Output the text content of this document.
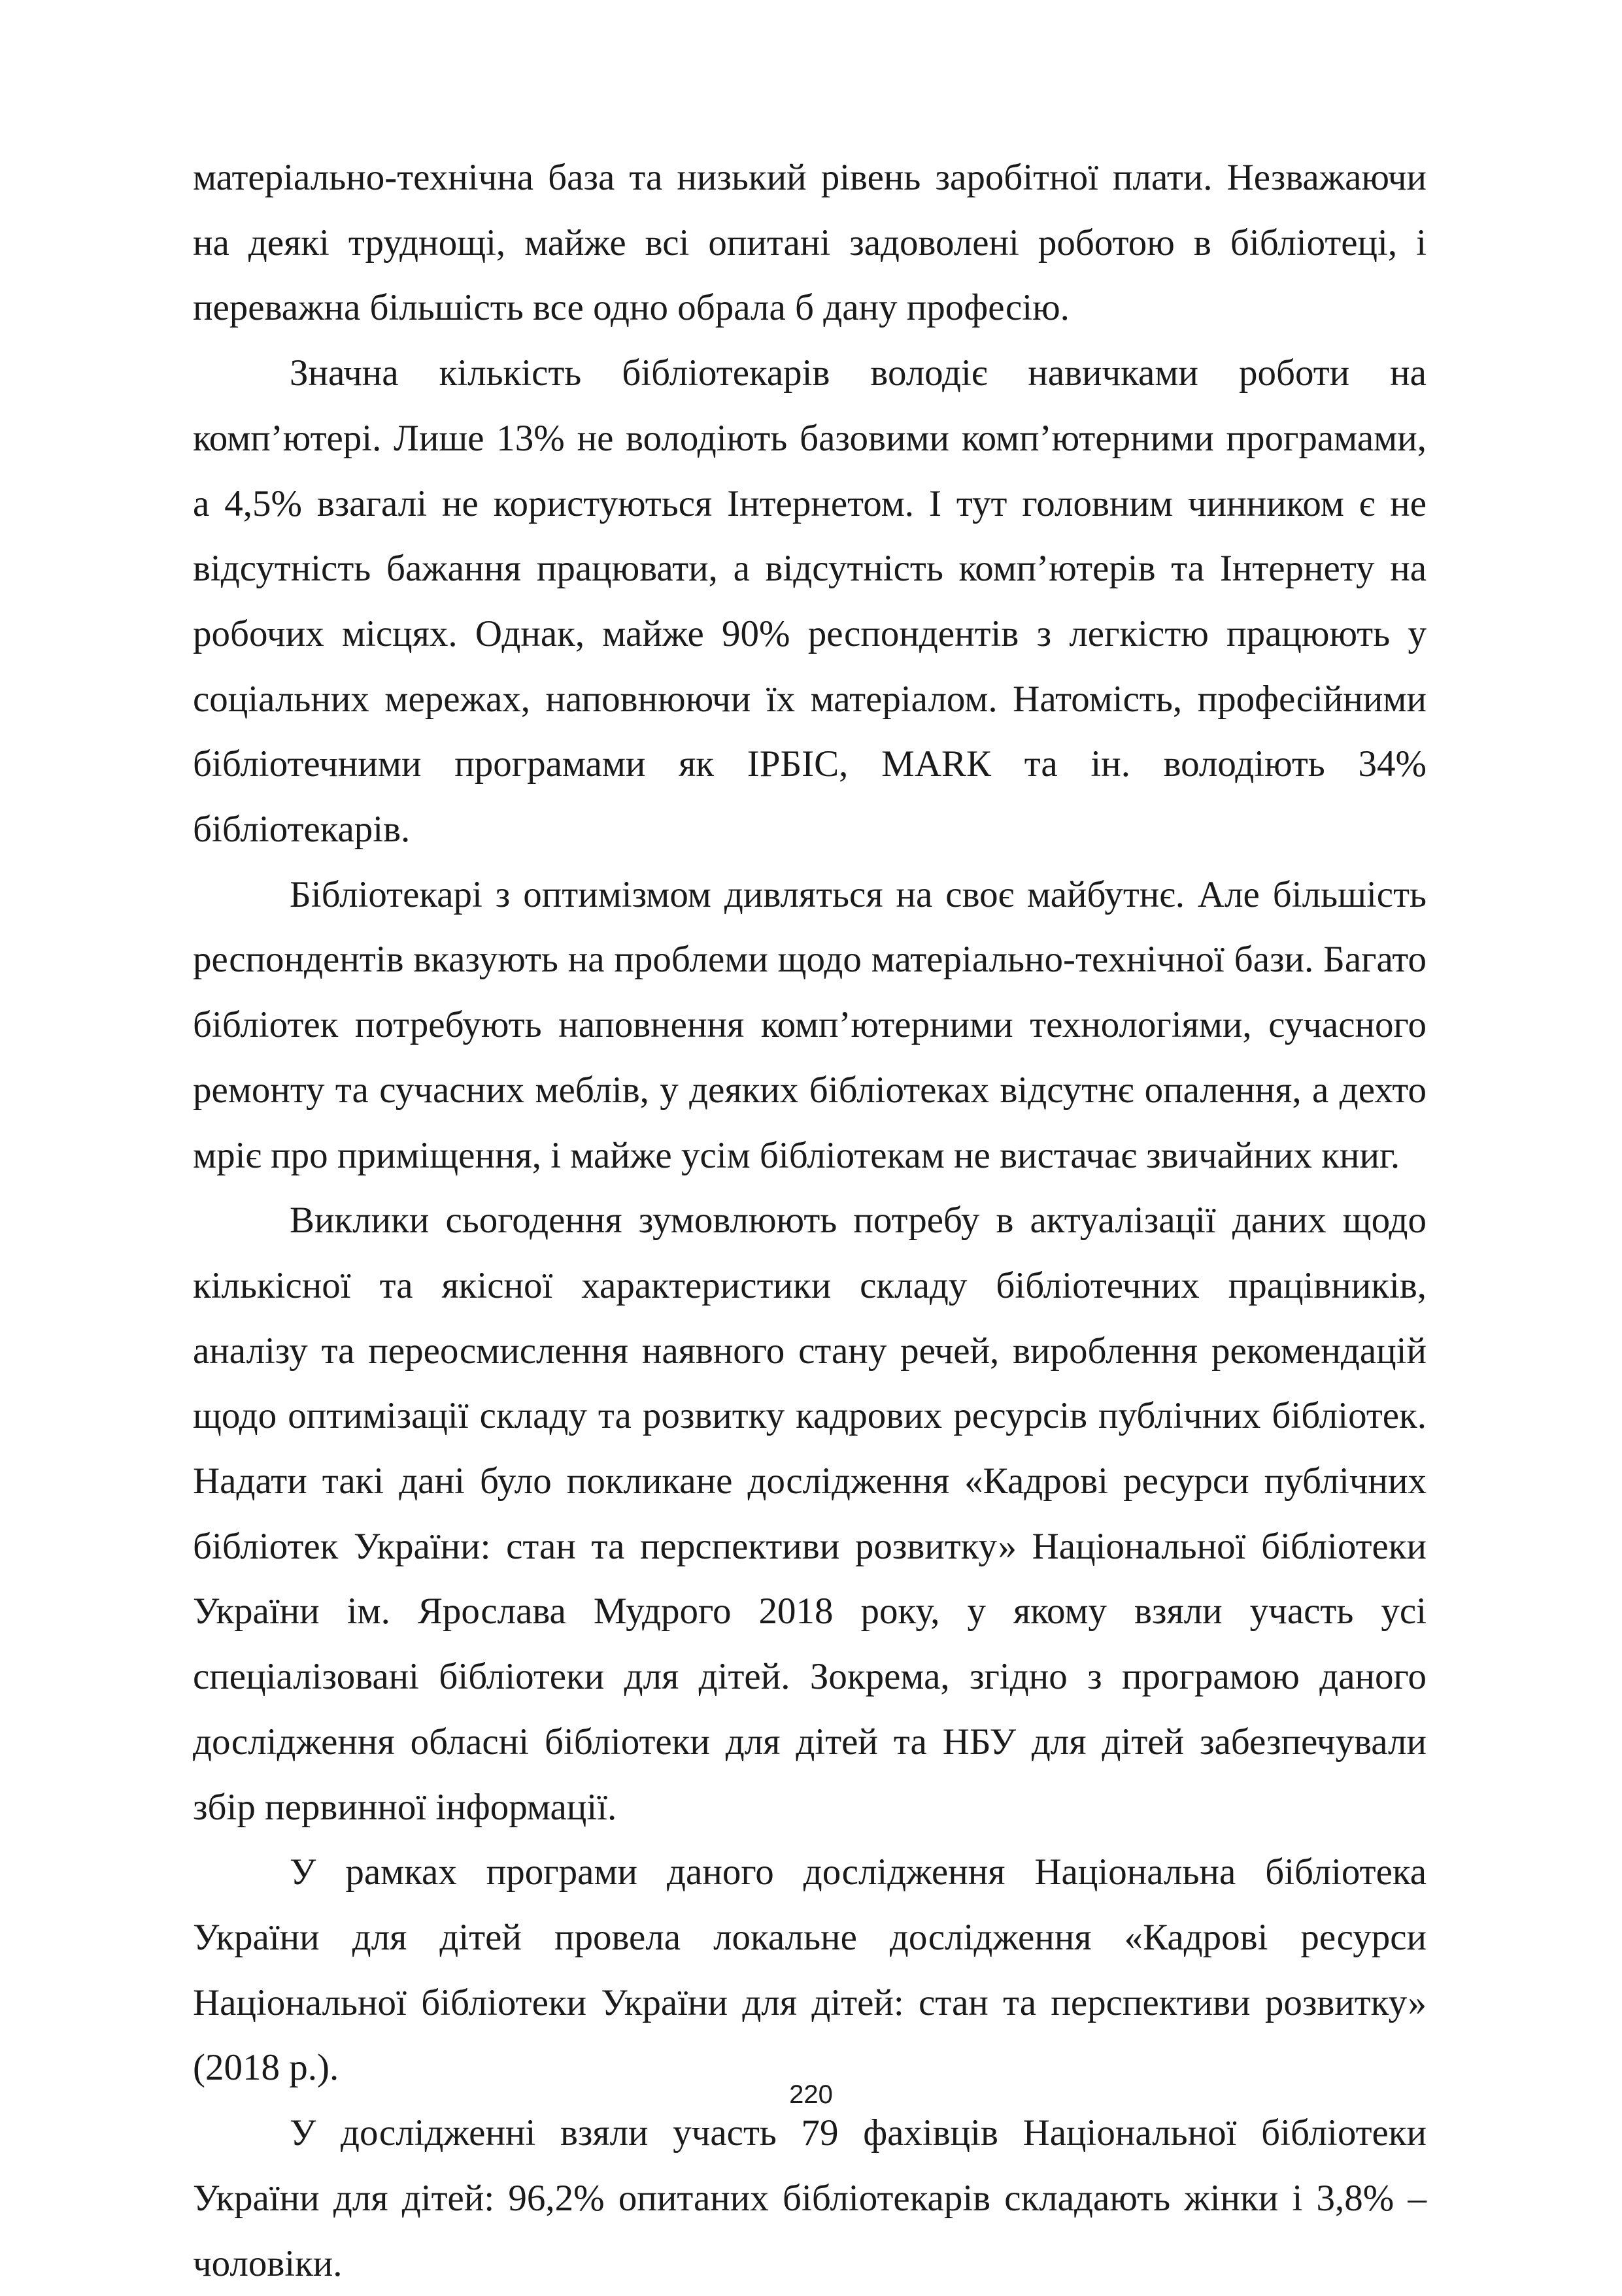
матеріально-технічна база та низький рівень заробітної плати. Незважаючи на деякі труднощі, майже всі опитані задоволені роботою в бібліотеці, і переважна більшість все одно обрала б дану професію.

Значна кількість бібліотекарів володіє навичками роботи на комп’ютері. Лише 13% не володіють базовими комп’ютерними програмами, а 4,5% взагалі не користуються Інтернетом. І тут головним чинником є не відсутність бажання працювати, а відсутність комп’ютерів та Інтернету на робочих місцях. Однак, майже 90% респондентів з легкістю працюють у соціальних мережах, наповнюючи їх матеріалом. Натомість, професійними бібліотечними програмами як ІРБІС, МАRК та ін. володіють 34% бібліотекарів.

Бібліотекарі з оптимізмом дивляться на своє майбутнє. Але більшість респондентів вказують на проблеми щодо матеріально-технічної бази. Багато бібліотек потребують наповнення комп’ютерними технологіями, сучасного ремонту та сучасних меблів, у деяких бібліотеках відсутнє опалення, а дехто мріє про приміщення, і майже усім бібліотекам не вистачає звичайних книг.

Виклики сьогодення зумовлюють потребу в актуалізації даних щодо кількісної та якісної характеристики складу бібліотечних працівників, аналізу та переосмислення наявного стану речей, вироблення рекомендацій щодо оптимізації складу та розвитку кадрових ресурсів публічних бібліотек. Надати такі дані було покликане дослідження «Кадрові ресурси публічних бібліотек України: стан та перспективи розвитку» Національної бібліотеки України ім. Ярослава Мудрого 2018 року, у якому взяли участь усі спеціалізовані бібліотеки для дітей. Зокрема, згідно з програмою даного дослідження обласні бібліотеки для дітей та НБУ для дітей забезпечували збір первинної інформації.

У рамках програми даного дослідження Національна бібліотека України для дітей провела локальне дослідження «Кадрові ресурси Національної бібліотеки України для дітей: стан та перспективи розвитку» (2018 р.).

У дослідженні взяли участь 79 фахівців Національної бібліотеки України для дітей: 96,2% опитаних бібліотекарів складають жінки і 3,8% – чоловіки.

220
